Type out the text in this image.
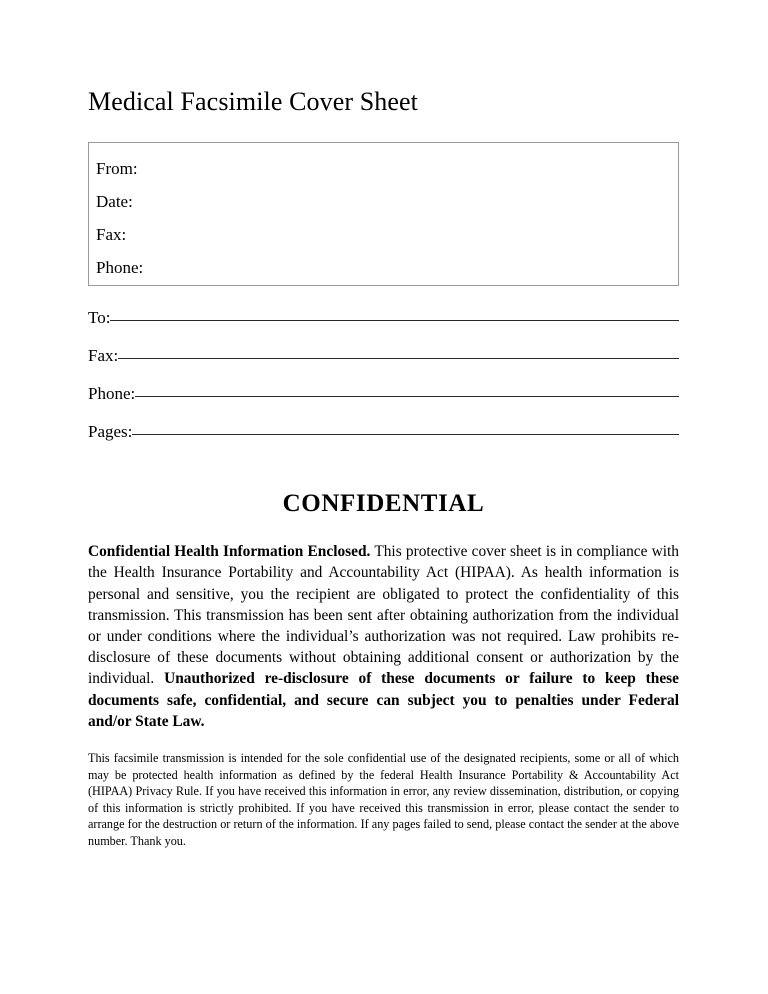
Medical Facsimile Cover Sheet
From:
Date:
Fax:
Phone:
To:
Fax:
Phone:
Pages:
CONFIDENTIAL

Confidential Health Information Enclosed. This protective cover sheet is in compliance with the Health Insurance Portability and Accountability Act (HIPAA). As health information is personal and sensitive, you the recipient are obligated to protect the confidentiality of this transmission. This transmission has been sent after obtaining authorization from the individual or under conditions where the individual’s authorization was not required. Law prohibits re-disclosure of these documents without obtaining additional consent or authorization by the individual. Unauthorized re-disclosure of these documents or failure to keep these documents safe, confidential, and secure can subject you to penalties under Federal and/or State Law.

This facsimile transmission is intended for the sole confidential use of the designated recipients, some or all of which may be protected health information as defined by the federal Health Insurance Portability & Accountability Act (HIPAA) Privacy Rule. If you have received this information in error, any review dissemination, distribution, or copying of this information is strictly prohibited. If you have received this transmission in error, please contact the sender to arrange for the destruction or return of the information. If any pages failed to send, please contact the sender at the above number. Thank you.
